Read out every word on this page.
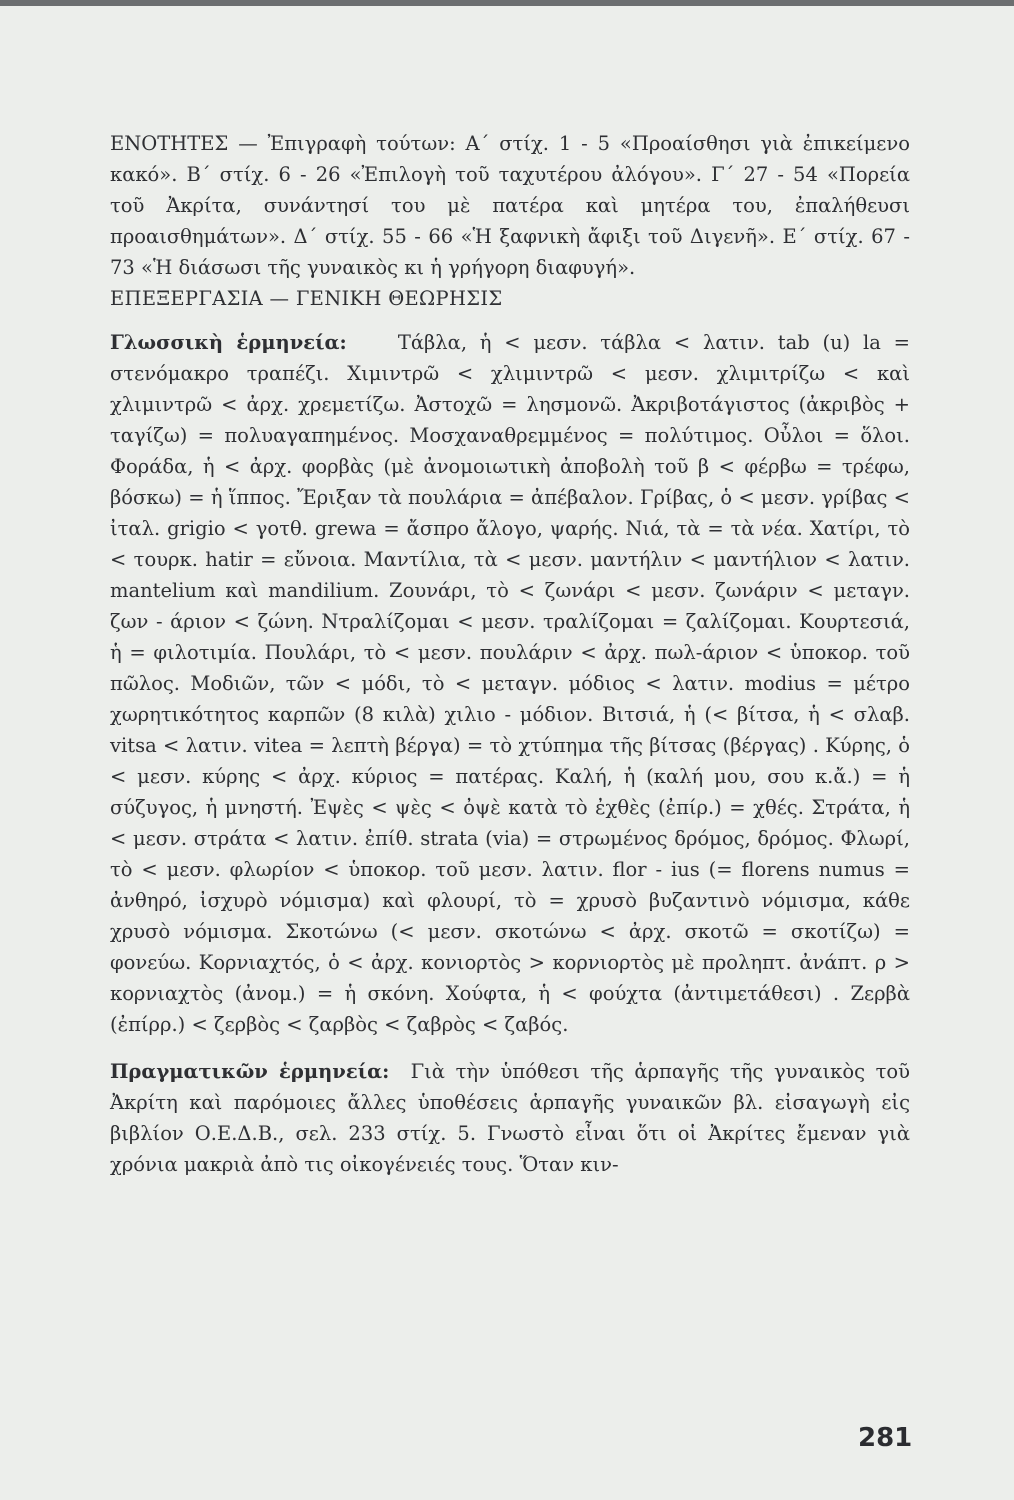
ΕΝΟΤΗΤΕΣ — Ἐπιγραφὴ τούτων: Α΄ στίχ. 1 - 5 «Προαίσθησι γιὰ ἐπικείμενο κακό». Β΄ στίχ. 6 - 26 «Ἐπιλογὴ τοῦ ταχυτέρου ἀλόγου». Γ΄ 27 - 54 «Πορεία τοῦ Ἀκρίτα, συνάντησί του μὲ πατέρα καὶ μητέρα του, ἐπαλήθευσι προαισθημάτων». Δ΄ στίχ. 55 - 66 «Ἡ ξαφνικὴ ἄφιξι τοῦ Διγενῆ». Ε΄ στίχ. 67 - 73 «Ἡ διάσωσι τῆς γυναικὸς κι ἡ γρήγορη διαφυγή».

ΕΠΕΞΕΡΓΑΣΙΑ — ΓΕΝΙΚΗ ΘΕΩΡΗΣΙΣ

Γλωσσικὴ ἑρμηνεία:	Τάβλα, ἡ < μεσν. τάβλα < λατιν. tab (u) la = στενόμακρο τραπέζι. Χιμιντρῶ < χλιμιντρῶ < μεσν. χλιμιτρίζω < καὶ χλιμιντρῶ < ἀρχ. χρεμετίζω. Ἀστοχῶ = λησμονῶ. Ἀκριβοτάγιστος (ἀκριβὸς + ταγίζω) = πολυαγαπημένος. Μοσχαναθρεμμένος = πολύτιμος. Οὖλοι = ὅλοι. Φοράδα, ἡ < ἀρχ. φορβὰς (μὲ ἀνομοιωτικὴ ἀποβολὴ τοῦ β < φέρβω = τρέφω, βόσκω) = ἡ ἵππος. Ἔριξαν τὰ πουλάρια = ἀπέβαλον. Γρίβας, ὁ < μεσν. γρίβας < ἰταλ. grigio < γοτθ. grewa = ἄσπρο ἄλογο, ψαρής. Νιά, τὰ = τὰ νέα. Χατίρι, τὸ < τουρκ. hatir = εὔνοια. Μαντίλια, τὰ < μεσν. μαντήλιν < μαντήλιον < λατιν. mantelium καὶ mandilium. Ζουνάρι, τὸ < ζωνάρι < μεσν. ζωνάριν < μεταγν. ζων - άριον < ζώνη. Ντραλίζομαι < μεσν. τραλίζομαι = ζαλίζομαι. Κουρτεσιά, ἡ = φιλοτιμία. Πουλάρι, τὸ < μεσν. πουλάριν < ἀρχ. πωλ-άριον < ὑποκορ. τοῦ πῶλος. Μοδιῶν, τῶν < μόδι, τὸ < μεταγν. μόδιος < λατιν. modius = μέτρο χωρητικότητος καρπῶν (8 κιλὰ) χιλιο - μόδιον. Βιτσιά, ἡ (< βίτσα, ἡ < σλαβ. vitsa < λατιν. vitea = λεπτὴ βέργα) = τὸ χτύπημα τῆς βίτσας (βέργας) . Κύρης, ὁ < μεσν. κύρης < ἀρχ. κύριος = πατέρας. Καλή, ἡ (καλή μου, σου κ.ἄ.) = ἡ σύζυγος, ἡ μνηστή. Ἐψὲς < ψὲς < ὀψὲ κατὰ τὸ ἐχθὲς (ἐπίρ.) = χθές. Στράτα, ἡ < μεσν. στράτα < λατιν. ἐπίθ. strata (via) = στρωμένος δρόμος, δρόμος. Φλωρί, τὸ < μεσν. φλωρίον < ὑποκορ. τοῦ μεσν. λατιν. flor - ius (= florens numus = ἀνθηρό, ἰσχυρὸ νόμισμα) καὶ φλουρί, τὸ = χρυσὸ βυζαντινὸ νόμισμα, κάθε χρυσὸ νόμισμα. Σκοτώνω (< μεσν. σκοτώνω < ἀρχ. σκοτῶ = σκοτίζω) = φονεύω. Κορνιαχτός, ὁ < ἀρχ. κονιορτὸς > κορνιορτὸς μὲ προληπτ. ἀνάπτ. ρ > κορνιαχτὸς (ἀνομ.) = ἡ σκόνη. Χούφτα, ἡ < φούχτα (ἀντιμετάθεσι) . Ζερβὰ (ἐπίρρ.) < ζερβὸς < ζαρβὸς < ζαβρὸς < ζαβός.

Πραγματικῶν ἑρμηνεία: Γιὰ τὴν ὑπόθεσι τῆς ἁρπαγῆς τῆς γυναικὸς τοῦ Ἀκρίτη καὶ παρόμοιες ἄλλες ὑποθέσεις ἁρπαγῆς γυναικῶν βλ. εἰσαγωγὴ εἰς βιβλίον Ο.Ε.Δ.Β., σελ. 233 στίχ. 5. Γνωστὸ εἶναι ὅτι οἱ Ἀκρίτες ἔμεναν γιὰ χρόνια μακριὰ ἀπὸ τις οἰκογένειές τους. Ὅταν κιν-

281
